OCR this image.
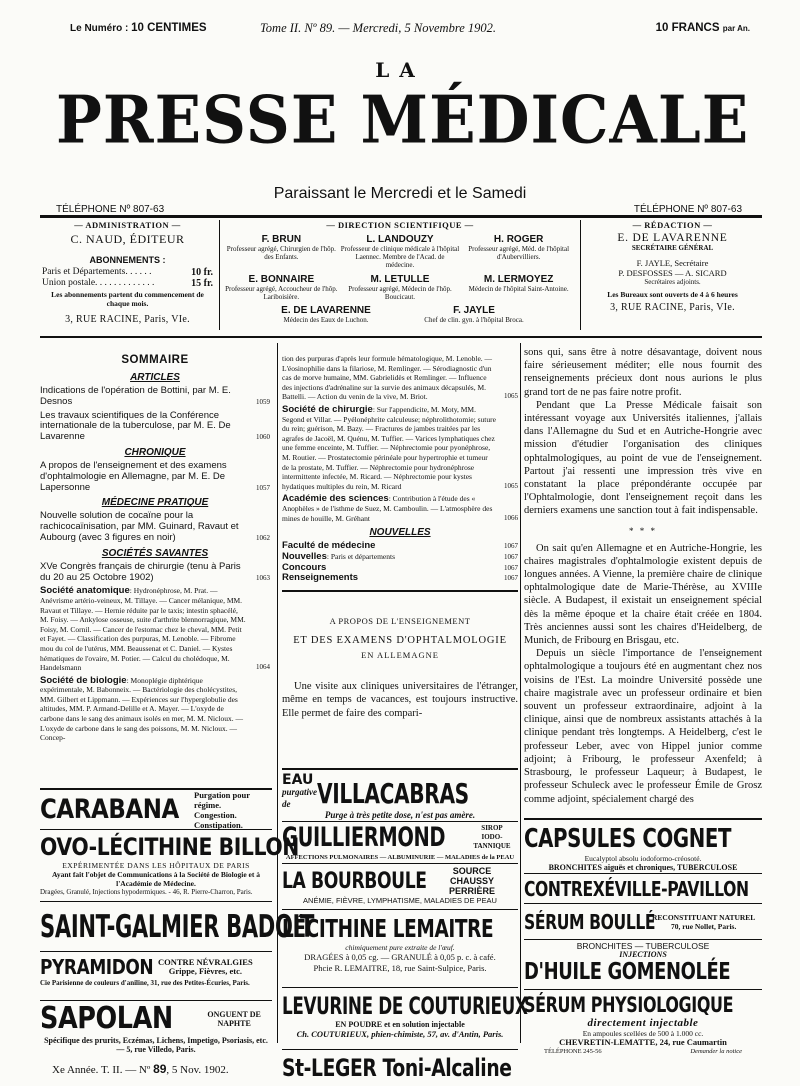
Le Numéro : 10 CENTIMES	Tome II. Nº 89. — Mercredi, 5 Novembre 1902.	10 FRANCS par An.
LA
PRESSE MÉDICALE
Paraissant le Mercredi et le Samedi
TÉLÉPHONE Nº 807-63	TÉLÉPHONE Nº 807-63
— ADMINISTRATION —
C. NAUD, ÉDITEUR
ABONNEMENTS :
Paris et Départements. . . . . .	10 fr.
Union postale. . . . . . . . . . . . .	15 fr.
Les abonnements partent du commencement de chaque mois.
3, RUE RACINE, Paris, VIe.
— DIRECTION SCIENTIFIQUE —
F. BRUN
Professeur agrégé, Chirurgien de l'hôp. des Enfants.
L. LANDOUZY
Professeur de clinique médicale à l'hôpital Laennec. Membre de l'Acad. de médecine.
H. ROGER
Professeur agrégé, Méd. de l'hôpital d'Aubervilliers.
E. BONNAIRE
Professeur agrégé, Accoucheur de l'hôp. Lariboisière.
M. LETULLE
Professeur agrégé, Médecin de l'hôp. Boucicaut.
M. LERMOYEZ
Médecin de l'hôpital Saint-Antoine.
E. DE LAVARENNE
Médecin des Eaux de Luchon.
F. JAYLE
Chef de clin. gyn. à l'hôpital Broca.
— RÉDACTION —
E. DE LAVARENNE
SECRÉTAIRE GÉNÉRAL
F. JAYLE, Secrétaire
P. DESFOSSES — A. SICARD
Secrétaires adjoints.
Les Bureaux sont ouverts de 4 à 6 heures
3, RUE RACINE, Paris, VIe.
SOMMAIRE
ARTICLES
Indications de l'opération de Bottini, par M. E. Desnos	1059
Les travaux scientifiques de la Conférence internationale de la tuberculose, par M. E. De Lavarenne	1060
CHRONIQUE
A propos de l'enseignement et des examens d'ophtalmologie en Allemagne, par M. E. De Lapersonne	1057
MÉDECINE PRATIQUE
Nouvelle solution de cocaïne pour la rachicocaïnisation, par MM. Guinard, Ravaut et Aubourg (avec 3 figures en noir)	1062
SOCIÉTÉS SAVANTES
XVe Congrès français de chirurgie (tenu à Paris du 20 au 25 Octobre 1902)	1063
Société anatomique: Hydronéphrose, M. Prat. — Anévrisme artério-veineux, M. Tillaye. — Cancer mélanique, MM. Ravaut et Tillaye. — Hernie réduite par le taxis; intestin sphacélé, M. Foisy. — Ankylose osseuse, suite d'arthrite blennorragique, MM. Foisy, M. Cornil. — Cancer de l'estomac chez le cheval, MM. Petit et Fayet. — Classification des purpuras, M. Lenoble. — Fibrome mou du col de l'utérus, MM. Beaussenat et C. Daniel. — Kystes hématiques de l'ovaire, M. Potier. — Calcul du cholédoque, M. Handelsmann	1064
Société de biologie: Monoplégie diphtérique expérimentale, M. Babonneix. — Bactériologie des cholécystites, MM. Gilbert et Lippmann. — Expériences sur l'hyperglobulie des altitudes, MM. P. Armand-Delille et A. Mayer. — L'oxyde de carbone dans le sang des animaux isolés en mer, M. M. Nicloux. — L'oxyde de carbone dans le sang des poissons, M. M. Nicloux. — Concep-
tion des purpuras d'après leur formule hématologique, M. Lenoble. — L'éosinophilie dans la filariose, M. Remlinger. — Sérodiagnostic d'un cas de morve humaine, MM. Gabrielidès et Remlinger. — Influence des injections d'adrénaline sur la survie des animaux décapsulés, M. Battelli. — Action du venin de la vive, M. Briot.	1065
Société de chirurgie: Sur l'appendicite, M. Moty, MM. Segond et Villar. — Pyélonéphrite calculeuse; néphrolithotomie; suture du rein; guérison, M. Bazy. — Fractures de jambes traitées par les agrafes de Jacoël, M. Quénu, M. Tuffier. — Varices lymphatiques chez une femme enceinte, M. Tuffier. — Néphrectomie pour pyonéphrose, M. Routier. — Prostatectomie périnéale pour hypertrophie et tumeur de la prostate, M. Tuffier. — Néphrectomie pour hydronéphrose intermittente infectée, M. Ricard. — Néphrectomie pour kystes hydatiques multiples du rein, M. Ricard	1065
Académie des sciences: Contribution à l'étude des « Anophèles » de l'isthme de Suez, M. Camboulin. — L'atmosphère des mines de houille, M. Gréhant	1066
NOUVELLES
Faculté de médecine	1067
Nouvelles: Paris et départements	1067
Concours	1067
Renseignements	1067
A PROPOS DE L'ENSEIGNEMENT
ET DES EXAMENS D'OPHTALMOLOGIE
EN ALLEMAGNE

Une visite aux cliniques universitaires de l'étranger, même en temps de vacances, est toujours instructive. Elle permet de faire des compari-

sons qui, sans être à notre désavantage, doivent nous faire sérieusement méditer; elle nous fournit des renseignements précieux dont nous aurions le plus grand tort de ne pas faire notre profit.

Pendant que La Presse Médicale faisait son intéressant voyage aux Universités italiennes, j'allais dans l'Allemagne du Sud et en Autriche-Hongrie avec mission d'étudier l'organisation des cliniques ophtalmologiques, au point de vue de l'enseignement. Partout j'ai ressenti une impression très vive en constatant la place prépondérante occupée par l'Ophtalmologie, dont l'enseignement reçoit dans les derniers examens une sanction tout à fait indispensable.

* * *

On sait qu'en Allemagne et en Autriche-Hongrie, les chaires magistrales d'ophtalmologie existent depuis de longues années. A Vienne, la première chaire de clinique ophtalmologique date de Marie-Thérèse, au XVIIIe siècle. A Budapest, il existait un enseignement spécial dès la même époque et la chaire était créée en 1804. Très anciennes aussi sont les chaires d'Heidelberg, de Munich, de Fribourg en Brisgau, etc.

Depuis un siècle l'importance de l'enseignement ophtalmologique a toujours été en augmentant chez nos voisins de l'Est. La moindre Université possède une chaire magistrale avec un professeur ordinaire et bien souvent un professeur extraordinaire, adjoint à la clinique, ainsi que de nombreux assistants attachés à la clinique pendant très longtemps. A Heidelberg, c'est le professeur Leber, avec von Hippel junior comme adjoint; à Fribourg, le professeur Axenfeld; à Strasbourg, le professeur Laqueur; à Budapest, le professeur Schuleck avec le professeur Émile de Grosz comme adjoint, spécialement chargé des

CARABANA Purgation pour régime.
Congestion. Constipation.
OVO-LÉCITHINE BILLON
EXPÉRIMENTÉE DANS LES HÔPITAUX DE PARIS
Ayant fait l'objet de Communications à la Société de Biologie et à l'Académie de Médecine.
Dragées, Granulé, Injections hypodermiques. - 46, R. Pierre-Charron, Paris.
SAINT-GALMIER BADOIT
PYRAMIDON CONTRE NÉVRALGIES
Grippe, Fièvres, etc.
Cie Parisienne de couleurs d'aniline, 31, rue des Petites-Écuries, Paris.
SAPOLAN	ONGUENT DE NAPHTE
Spécifique des prurits, Eczémas, Lichens, Impetigo, Psoriasis, etc. — 5, rue Villedo, Paris.
EAU
purgative de VILLACABRAS
Purge à très petite dose, n'est pas amère.
GUILLIERMOND	SIROP IODO-TANNIQUE
AFFECTIONS PULMONAIRES — ALBUMINURIE — MALADIES de la PEAU
LA BOURBOULE	SOURCE CHAUSSY PERRIÈRE
ANÉMIE, FIÈVRE, LYMPHATISME, MALADIES DE PEAU
LÉCITHINE LEMAITRE
chimiquement pure extraite de l'œuf.
DRAGÉES à 0,05 cg. — GRANULÉ à 0,05 p. c. à café.
Phcie R. LEMAITRE, 18, rue Saint-Sulpice, Paris.
LEVURINE DE COUTURIEUX
EN POUDRE et en solution injectable
Ch. COUTURIEUX, phien-chimiste, 57, av. d'Antin, Paris.
St-LEGER Toni-Alcaline
CAPSULES COGNET
Eucalyptol absolu iodoformo-créosoté.
BRONCHITES aiguës et chroniques, TUBERCULOSE
CONTREXÉVILLE-PAVILLON
SÉRUM BOULLÉ
RECONSTITUANT NATUREL
70, rue Nollet, Paris.
BRONCHITES — TUBERCULOSE
INJECTIONS
D'HUILE GOMENOLÉE
SÉRUM PHYSIOLOGIQUE
directement injectable
En ampoules scellées de 500 à 1.000 cc.
CHEVRETIN-LEMATTE, 24, rue Caumartin
TÉLÉPHONE 245-56	Demander la notice
Xe Année. T. II. — Nº 89, 5 Nov. 1902.
